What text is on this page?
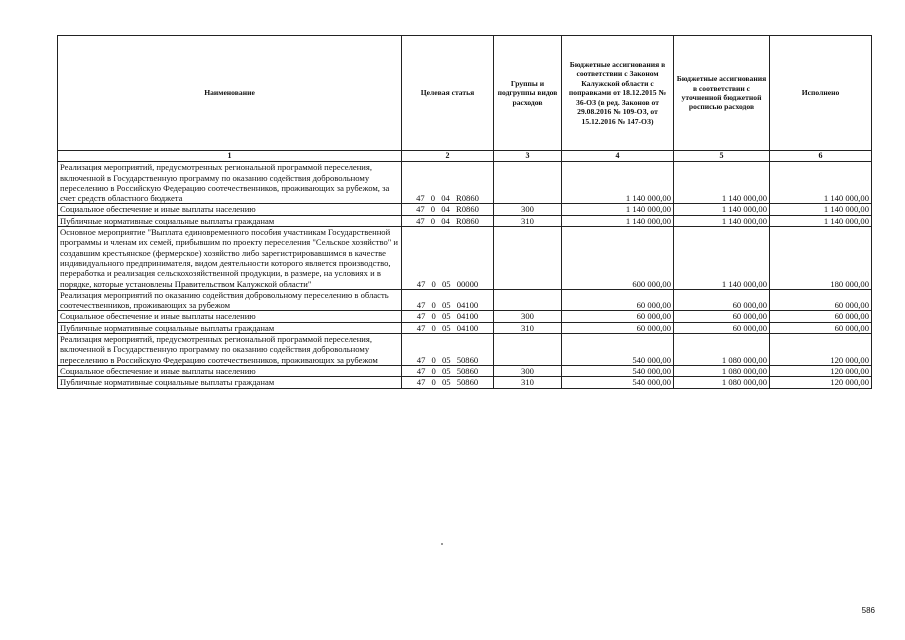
Наименование	Целевая статья	Группы и подгруппы видов расходов	Бюджетные ассигнования в соответствии с Законом Калужской области с поправками от 18.12.2015 № 36-ОЗ (в ред. Законов от 29.08.2016 № 109-ОЗ, от 15.12.2016 № 147-ОЗ)	Бюджетные ассигнования в соответствии с уточненной бюджетной росписью расходов	Исполнено
1	2	3	4	5	6
Реализация мероприятий, предусмотренных региональной программой переселения, включенной в Государственную программу по оказанию содействия добровольному переселению в Российскую Федерацию соотечественников, проживающих за рубежом, за счет средств областного бюджета	47 0 04 R0860		1 140 000,00	1 140 000,00	1 140 000,00
Социальное обеспечение и иные выплаты населению	47 0 04 R0860	300	1 140 000,00	1 140 000,00	1 140 000,00
Публичные нормативные социальные выплаты гражданам	47 0 04 R0860	310	1 140 000,00	1 140 000,00	1 140 000,00
Основное мероприятие "Выплата единовременного пособия участникам Государственной программы и членам их семей, прибывшим по проекту переселения "Сельское хозяйство" и создавшим крестьянское (фермерское) хозяйство либо зарегистрировавшимся в качестве индивидуального предпринимателя, видом деятельности которого является производство, переработка и реализация сельскохозяйственной продукции, в размере, на условиях и в порядке, которые установлены Правительством Калужской области"	47 0 05 00000		600 000,00	1 140 000,00	180 000,00
Реализация мероприятий по оказанию содействия добровольному переселению в область соотечественников, проживающих за рубежом	47 0 05 04100		60 000,00	60 000,00	60 000,00
Социальное обеспечение и иные выплаты населению	47 0 05 04100	300	60 000,00	60 000,00	60 000,00
Публичные нормативные социальные выплаты гражданам	47 0 05 04100	310	60 000,00	60 000,00	60 000,00
Реализация мероприятий, предусмотренных региональной программой переселения, включенной в Государственную программу по оказанию содействия добровольному переселению в Российскую Федерацию соотечественников, проживающих за рубежом	47 0 05 50860		540 000,00	1 080 000,00	120 000,00
Социальное обеспечение и иные выплаты населению	47 0 05 50860	300	540 000,00	1 080 000,00	120 000,00
Публичные нормативные социальные выплаты гражданам	47 0 05 50860	310	540 000,00	1 080 000,00	120 000,00
586
